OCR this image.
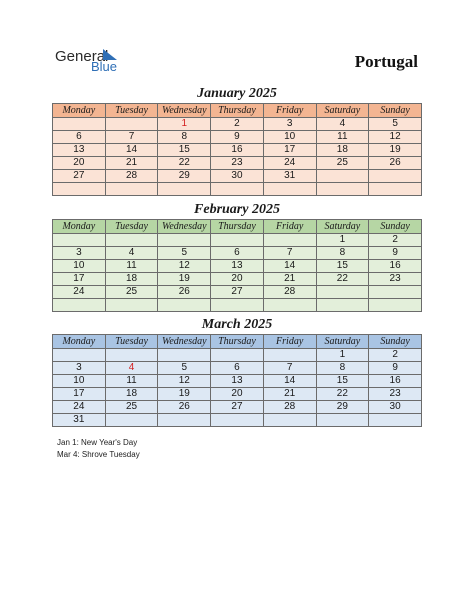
General
Blue	Portugal
January 2025
Monday	Tuesday	Wednesday	Thursday	Friday	Saturday	Sunday
		1	2	3	4	5
6	7	8	9	10	11	12
13	14	15	16	17	18	19
20	21	22	23	24	25	26
27	28	29	30	31		

February 2025
Monday	Tuesday	Wednesday	Thursday	Friday	Saturday	Sunday
					1	2
3	4	5	6	7	8	9
10	11	12	13	14	15	16
17	18	19	20	21	22	23
24	25	26	27	28		

March 2025
Monday	Tuesday	Wednesday	Thursday	Friday	Saturday	Sunday
					1	2
3	4	5	6	7	8	9
10	11	12	13	14	15	16
17	18	19	20	21	22	23
24	25	26	27	28	29	30
31						
Jan 1: New Year's Day
Mar 4: Shrove Tuesday
